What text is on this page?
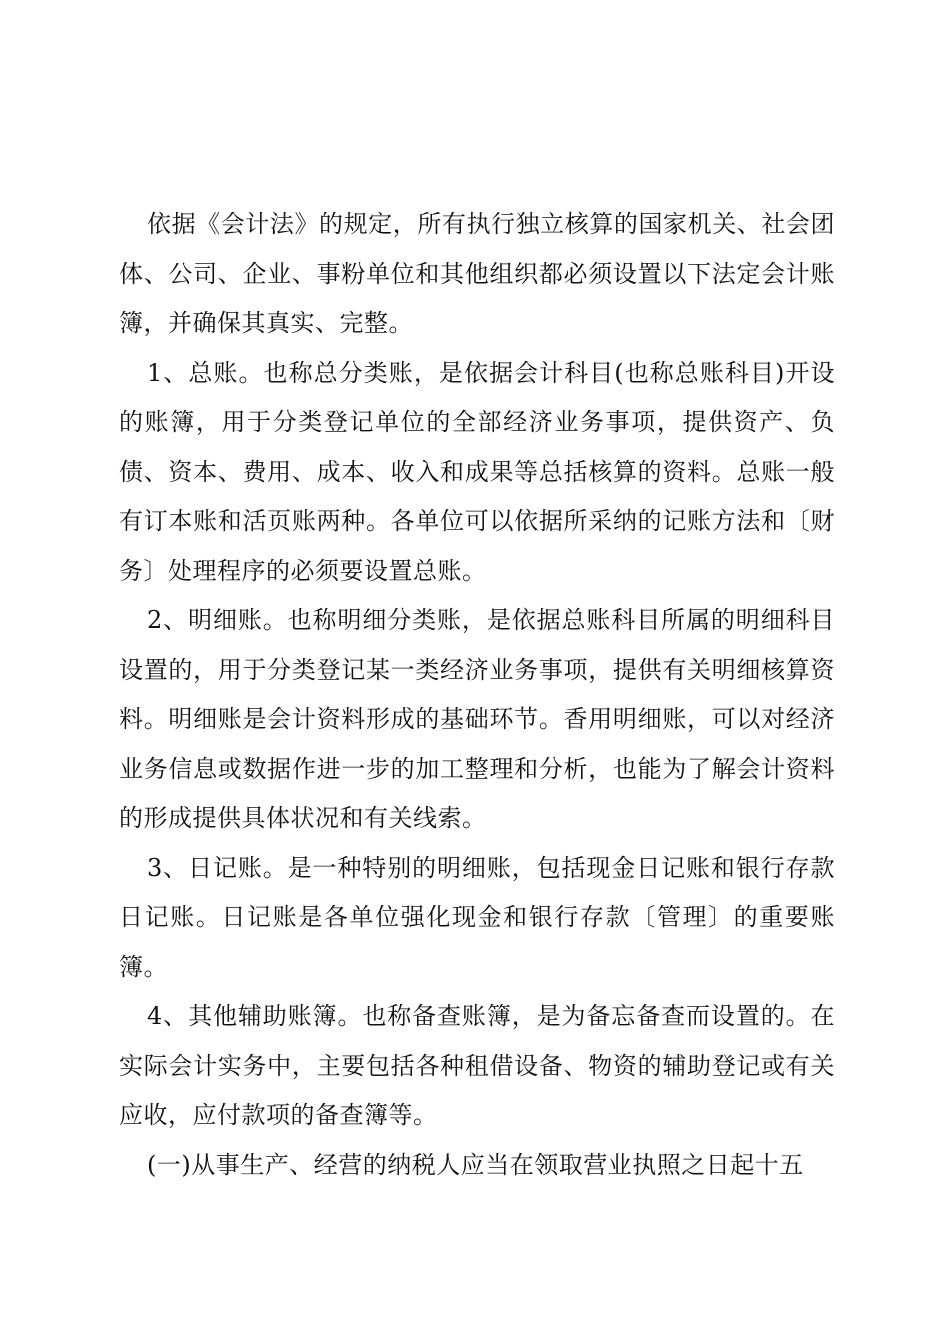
依据《会计法》的规定，所有执行独立核算的国家机关、社会团体、公司、企业、事粉单位和其他组织都必须设置以下法定会计账簿，并确保其真实、完整。

1、总账。也称总分类账，是依据会计科目(也称总账科目)开设的账簿，用于分类登记单位的全部经济业务事项，提供资产、负债、资本、费用、成本、收入和成果等总括核算的资料。总账一般有订本账和活页账两种。各单位可以依据所采纳的记账方法和〔财务〕处理程序的必须要设置总账。

2、明细账。也称明细分类账，是依据总账科目所属的明细科目设置的，用于分类登记某一类经济业务事项，提供有关明细核算资料。明细账是会计资料形成的基础环节。香用明细账，可以对经济业务信息或数据作进一步的加工整理和分析，也能为了解会计资料的形成提供具体状况和有关线索。

3、日记账。是一种特别的明细账，包括现金日记账和银行存款日记账。日记账是各单位强化现金和银行存款〔管理〕的重要账簿。

4、其他辅助账簿。也称备查账簿，是为备忘备查而设置的。在实际会计实务中，主要包括各种租借设备、物资的辅助登记或有关应收，应付款项的备查簿等。

(一)从事生产、经营的纳税人应当在领取营业执照之日起十五
